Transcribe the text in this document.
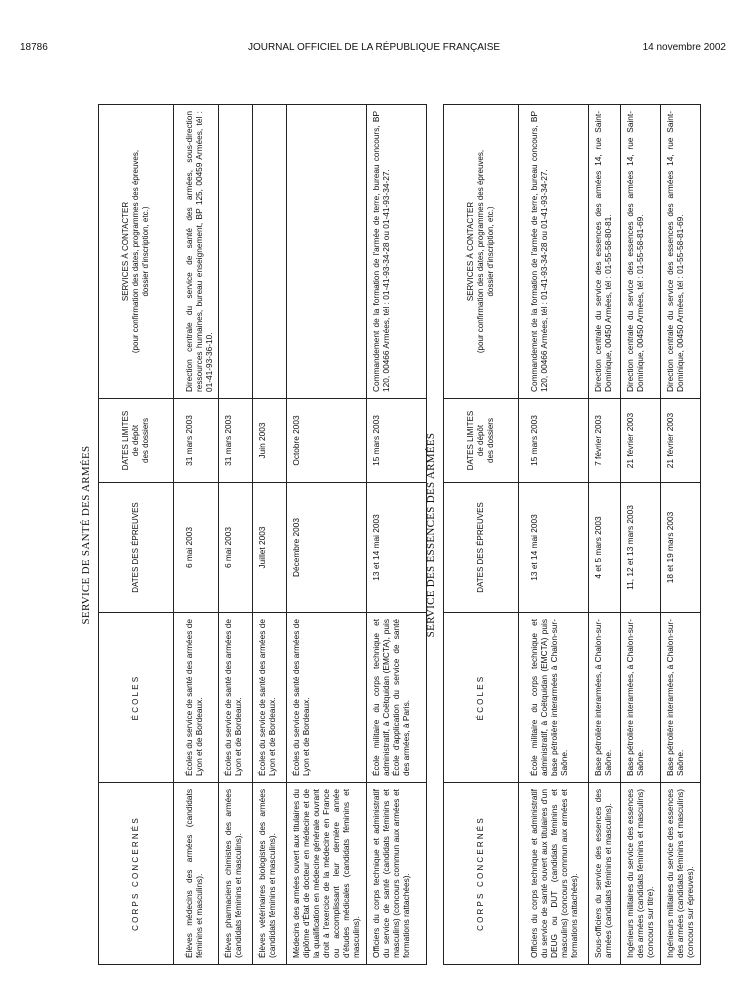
18786	JOURNAL OFFICIEL DE LA RÉPUBLIQUE FRANÇAISE	14 novembre 2002
SERVICE DE SANTÉ DES ARMÉES
CORPS CONCERNÉS	ÉCOLES	DATES DES ÉPREUVES	DATES LIMITES
de dépôt
des dossiers	SERVICES À CONTACTER
(pour confirmation des dates, programmes des épreuves,
dossier d'inscription, etc.)

Élèves médecins des armées (candidats féminins et masculins).	Écoles du service de santé des armées de Lyon et de Bordeaux.	6 mai 2003	31 mars 2003	Direction centrale du service de santé des armées, sous-direction ressources humaines, bureau enseignement, BP 125, 00459 Armées, tél : 01-41-93-36-10.
Élèves pharmaciens chimistes des armées (candidats féminins et masculins).	Écoles du service de santé des armées de Lyon et de Bordeaux.	6 mai 2003	31 mars 2003	
Élèves vétérinaires biologistes des armées (candidats féminins et masculins).	Écoles du service de santé des armées de Lyon et de Bordeaux.	Juillet 2003	Juin 2003	
Médecins des armées ouvert aux titulaires du diplôme d'État de docteur en médecine et de la qualification en médecine générale ouvrant droit à l'exercice de la médecine en France ou accomplissant leur dernière année d'études médicales (candidats féminins et masculins).	Écoles du service de santé des armées de Lyon et de Bordeaux.	Décembre 2003	Octobre 2003	
Officiers du corps technique et administratif du service de santé (candidats féminins et masculins) (concours commun aux armées et formations rattachées).	École militaire du corps technique et administratif, à Coëtquidan (EMCTA), puis École d'application du service de santé des armées, à Paris.	13 et 14 mai 2003	15 mars 2003	Commandement de la formation de l'armée de terre, bureau concours, BP 120, 00466 Armées, tél : 01-41-93-34-28 ou 01-41-93-34-27.
SERVICE DES ESSENCES DES ARMÉES
CORPS CONCERNÉS	ÉCOLES	DATES DES ÉPREUVES	DATES LIMITES
de dépôt
des dossiers	SERVICES À CONTACTER
(pour confirmation des dates, programmes des épreuves,
dossier d'inscription, etc.)

Officiers du corps technique et administratif du service de santé ouvert aux titulaires d'un DEUG ou DUT (candidats féminins et masculins) (concours commun aux armées et formations rattachées).	École militaire du corps technique et administratif, à Coëtquidan (EMCTA) puis base pétrolière interarmées à Chalon-sur-Saône.	13 et 14 mai 2003	15 mars 2003	Commandement de la formation de l'armée de terre, bureau concours, BP 120, 00466 Armées, tél : 01-41-93-34-28 ou 01-41-93-34-27.
Sous-officiers du service des essences des armées (candidats féminins et masculins).	Base pétrolière interarmées, à Chalon-sur-Saône.	4 et 5 mars 2003	7 février 2003	Direction centrale du service des essences des armées 14, rue Saint-Dominique, 00450 Armées, tél : 01-55-58-80-81.
Ingénieurs militaires du service des essences des armées (candidats féminins et masculins) (concours sur titre).	Base pétrolière interarmées, à Chalon-sur-Saône.	11, 12 et 13 mars 2003	21 février 2003	Direction centrale du service des essences des armées 14, rue Saint-Dominique, 00450 Armées, tél : 01-55-58-81-69.
Ingénieurs militaires du service des essences des armées (candidats féminins et masculins) (concours sur épreuves).	Base pétrolière interarmées, à Chalon-sur-Saône.	18 et 19 mars 2003	21 février 2003	Direction centrale du service des essences des armées 14, rue Saint-Dominique, 00450 Armées, tél : 01-55-58-81-69.
